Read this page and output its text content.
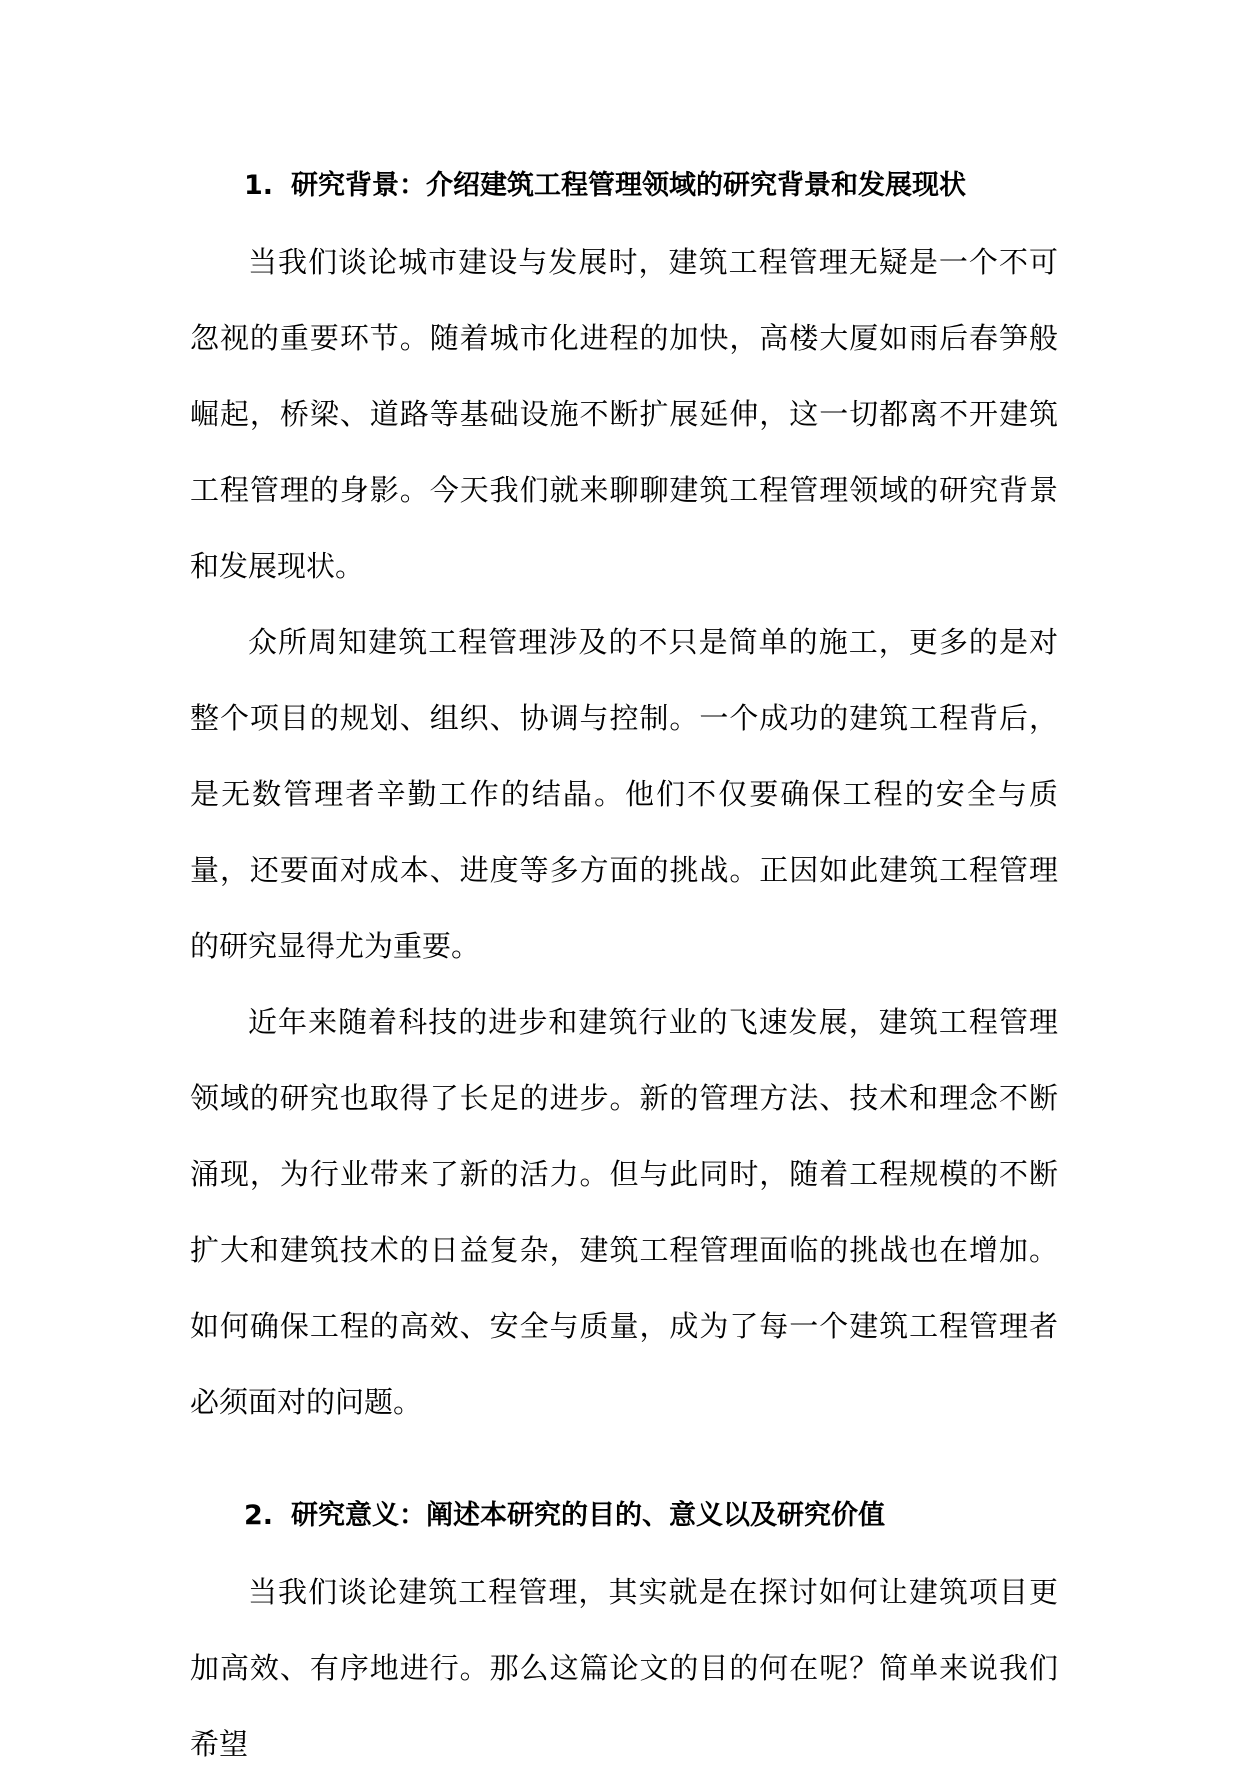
1. 研究背景：介绍建筑工程管理领域的研究背景和发展现状

当我们谈论城市建设与发展时，建筑工程管理无疑是一个不可忽视的重要环节。随着城市化进程的加快，高楼大厦如雨后春笋般崛起，桥梁、道路等基础设施不断扩展延伸，这一切都离不开建筑工程管理的身影。今天我们就来聊聊建筑工程管理领域的研究背景和发展现状。

众所周知建筑工程管理涉及的不只是简单的施工，更多的是对整个项目的规划、组织、协调与控制。一个成功的建筑工程背后，是无数管理者辛勤工作的结晶。他们不仅要确保工程的安全与质量，还要面对成本、进度等多方面的挑战。正因如此建筑工程管理的研究显得尤为重要。

近年来随着科技的进步和建筑行业的飞速发展，建筑工程管理领域的研究也取得了长足的进步。新的管理方法、技术和理念不断涌现，为行业带来了新的活力。但与此同时，随着工程规模的不断扩大和建筑技术的日益复杂，建筑工程管理面临的挑战也在增加。如何确保工程的高效、安全与质量，成为了每一个建筑工程管理者必须面对的问题。

2. 研究意义：阐述本研究的目的、意义以及研究价值

当我们谈论建筑工程管理，其实就是在探讨如何让建筑项目更加高效、有序地进行。那么这篇论文的目的何在呢？简单来说我们希望
